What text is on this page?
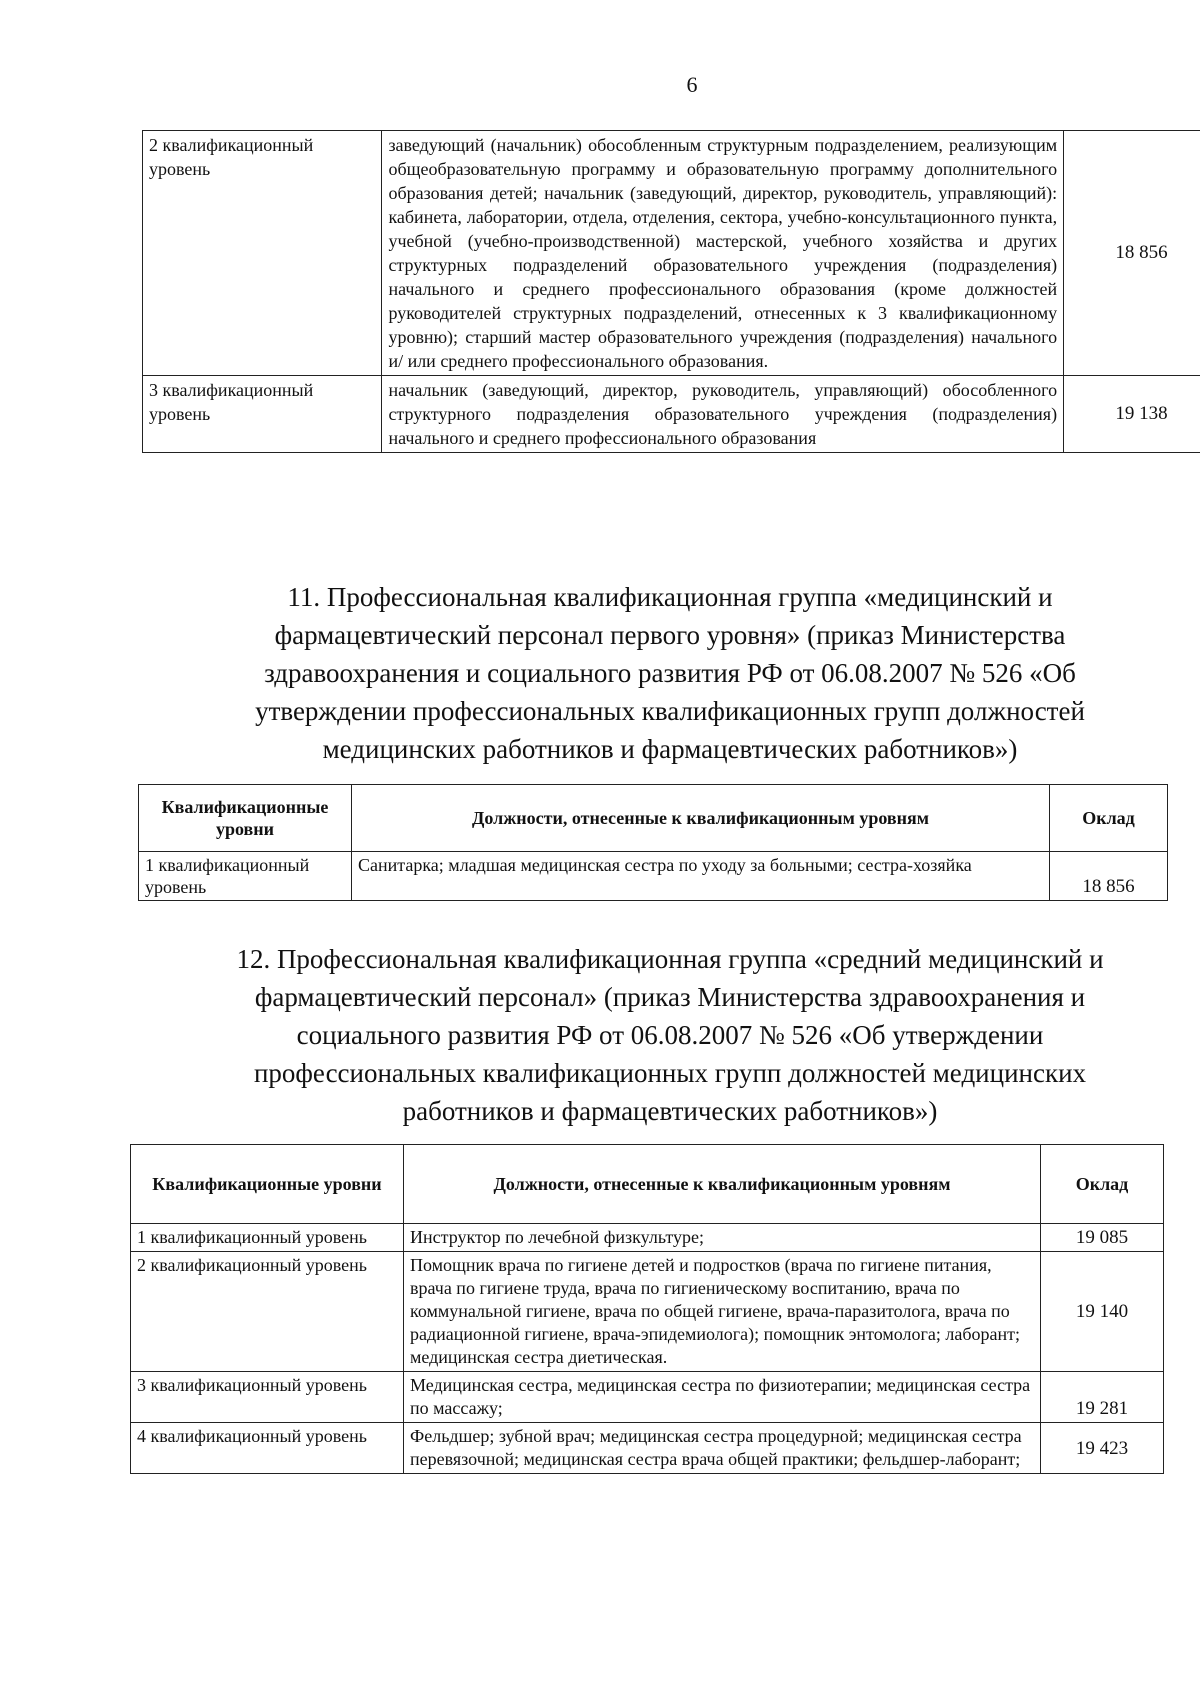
6
2 квалификационный уровень	заведующий (начальник) обособленным структурным подразделением, реализующим общеобразовательную программу и образовательную программу дополнительного образования детей; начальник (заведующий, директор, руководитель, управляющий): кабинета, лаборатории, отдела, отделения, сектора, учебно-консультационного пункта, учебной (учебно-производственной) мастерской, учебного хозяйства и других структурных подразделений образовательного учреждения (подразделения) начального и среднего профессионального образования (кроме должностей руководителей структурных подразделений, отнесенных к 3 квалификационному уровню); старший мастер образовательного учреждения (подразделения) начального и/ или среднего профессионального образования.	18 856
3 квалификационный уровень	начальник (заведующий, директор, руководитель, управляющий) обособленного структурного подразделения образовательного учреждения (подразделения) начального и среднего профессионального образования	19 138
11. Профессиональная квалификационная группа «медицинский и фармацевтический персонал первого уровня» (приказ Министерства здравоохранения и социального развития РФ от 06.08.2007 № 526 «Об утверждении профессиональных квалификационных групп должностей медицинских работников и фармацевтических работников»)
Квалификационные уровни	Должности, отнесенные к квалификационным уровням	Оклад
1 квалификационный уровень	Санитарка; младшая медицинская сестра по уходу за больными; сестра-хозяйка	18 856
12. Профессиональная квалификационная группа «средний медицинский и фармацевтический персонал» (приказ Министерства здравоохранения и социального развития РФ от 06.08.2007 № 526 «Об утверждении профессиональных квалификационных групп должностей медицинских работников и фармацевтических работников»)
Квалификационные уровни	Должности, отнесенные к квалификационным уровням	Оклад
1 квалификационный уровень	Инструктор по лечебной физкультуре;	19 085
2 квалификационный уровень	Помощник врача по гигиене детей и подростков (врача по гигиене питания, врача по гигиене труда, врача по гигиеническому воспитанию, врача по коммунальной гигиене, врача по общей гигиене, врача-паразитолога, врача по радиационной гигиене, врача-эпидемиолога); помощник энтомолога; лаборант; медицинская сестра диетическая.	19 140
3 квалификационный уровень	Медицинская сестра, медицинская сестра по физиотерапии; медицинская сестра по массажу;	19 281
4 квалификационный уровень	Фельдшер; зубной врач; медицинская сестра процедурной; медицинская сестра перевязочной; медицинская сестра врача общей практики; фельдшер-лаборант;	19 423
